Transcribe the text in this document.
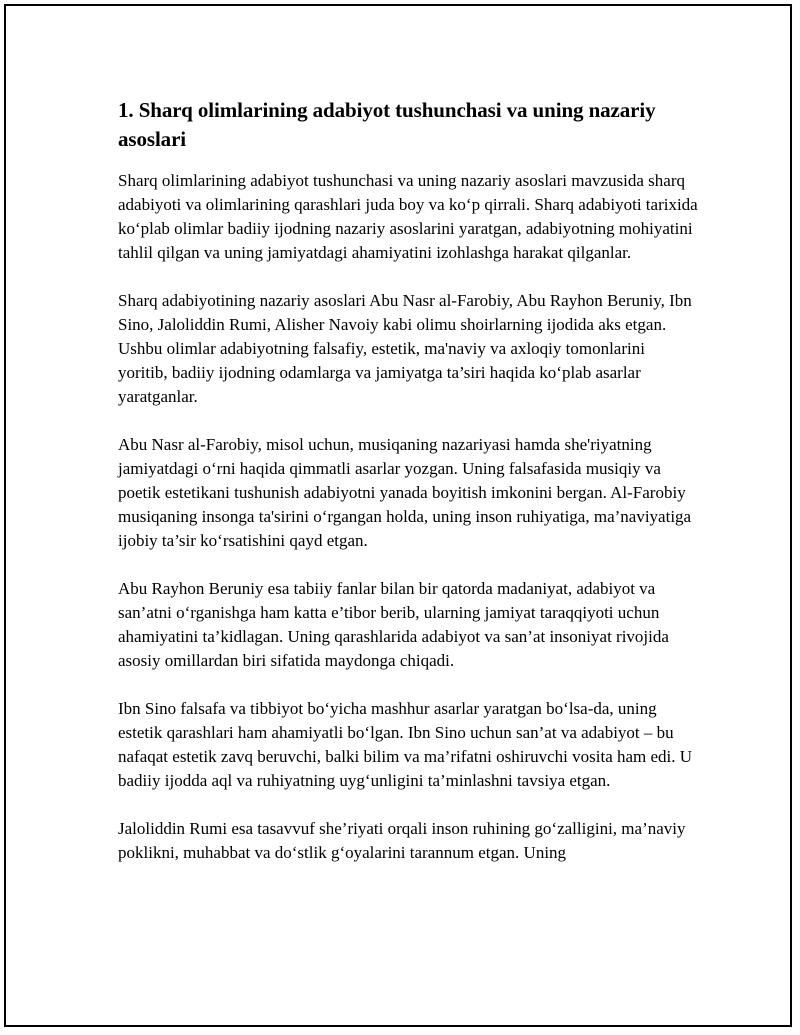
1. Sharq olimlarining adabiyot tushunchasi va uning nazariy asoslari

Sharq olimlarining adabiyot tushunchasi va uning nazariy asoslari mavzusida sharq adabiyoti va olimlarining qarashlari juda boy va ko‘p qirrali. Sharq adabiyoti tarixida ko‘plab olimlar badiiy ijodning nazariy asoslarini yaratgan, adabiyotning mohiyatini tahlil qilgan va uning jamiyatdagi ahamiyatini izohlashga harakat qilganlar.

Sharq adabiyotining nazariy asoslari Abu Nasr al-Farobiy, Abu Rayhon Beruniy, Ibn Sino, Jaloliddin Rumi, Alisher Navoiy kabi olimu shoirlarning ijodida aks etgan. Ushbu olimlar adabiyotning falsafiy, estetik, ma'naviy va axloqiy tomonlarini yoritib, badiiy ijodning odamlarga va jamiyatga ta’siri haqida ko‘plab asarlar yaratganlar.

Abu Nasr al-Farobiy, misol uchun, musiqaning nazariyasi hamda she'riyatning jamiyatdagi o‘rni haqida qimmatli asarlar yozgan. Uning falsafasida musiqiy va poetik estetikani tushunish adabiyotni yanada boyitish imkonini bergan. Al-Farobiy musiqaning insonga ta'sirini o‘rgangan holda, uning inson ruhiyatiga, ma’naviyatiga ijobiy ta’sir ko‘rsatishini qayd etgan.

Abu Rayhon Beruniy esa tabiiy fanlar bilan bir qatorda madaniyat, adabiyot va san’atni o‘rganishga ham katta e’tibor berib, ularning jamiyat taraqqiyoti uchun ahamiyatini ta’kidlagan. Uning qarashlarida adabiyot va san’at insoniyat rivojida asosiy omillardan biri sifatida maydonga chiqadi.

Ibn Sino falsafa va tibbiyot bo‘yicha mashhur asarlar yaratgan bo‘lsa-da, uning estetik qarashlari ham ahamiyatli bo‘lgan. Ibn Sino uchun san’at va adabiyot – bu nafaqat estetik zavq beruvchi, balki bilim va ma’rifatni oshiruvchi vosita ham edi. U badiiy ijodda aql va ruhiyatning uyg‘unligini ta’minlashni tavsiya etgan.

Jaloliddin Rumi esa tasavvuf she’riyati orqali inson ruhining go‘zalligini, ma’naviy poklikni, muhabbat va do‘stlik g‘oyalarini tarannum etgan. Uning
